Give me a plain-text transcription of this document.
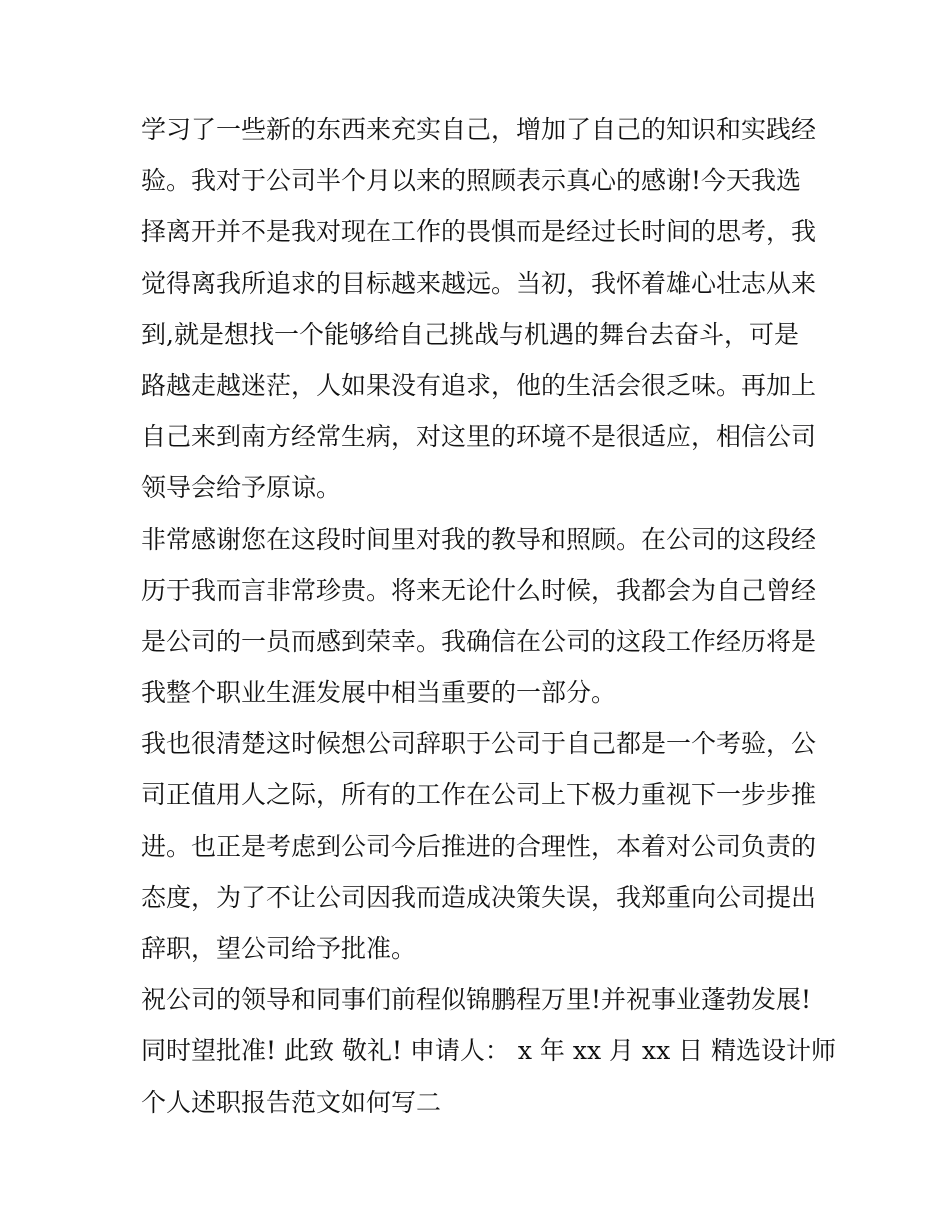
学习了一些新的东西来充实自己，增加了自己的知识和实践经
验。我对于公司半个月以来的照顾表示真心的感谢!今天我选
择离开并不是我对现在工作的畏惧而是经过长时间的思考，我
觉得离我所追求的目标越来越远。当初，我怀着雄心壮志从来
到,就是想找一个能够给自己挑战与机遇的舞台去奋斗，可是
路越走越迷茫，人如果没有追求，他的生活会很乏味。再加上
自己来到南方经常生病，对这里的环境不是很适应，相信公司
领导会给予原谅。
非常感谢您在这段时间里对我的教导和照顾。在公司的这段经
历于我而言非常珍贵。将来无论什么时候，我都会为自己曾经
是公司的一员而感到荣幸。我确信在公司的这段工作经历将是
我整个职业生涯发展中相当重要的一部分。
我也很清楚这时候想公司辞职于公司于自己都是一个考验，公
司正值用人之际，所有的工作在公司上下极力重视下一步步推
进。也正是考虑到公司今后推进的合理性，本着对公司负责的
态度，为了不让公司因我而造成决策失误，我郑重向公司提出
辞职，望公司给予批准。
祝公司的领导和同事们前程似锦鹏程万里!并祝事业蓬勃发展!
同时望批准! 此致 敬礼! 申请人： x 年 xx 月 xx 日 精选设计师
个人述职报告范文如何写二
